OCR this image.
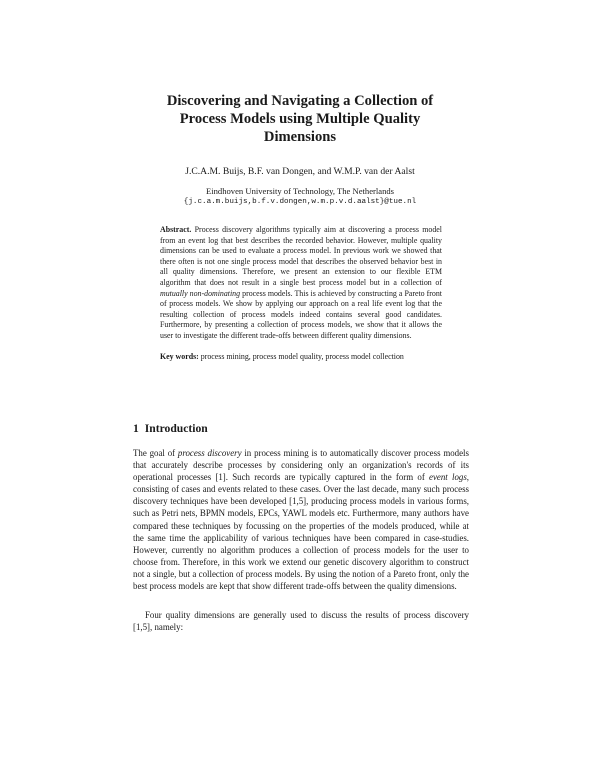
Discovering and Navigating a Collection of
Process Models using Multiple Quality
Dimensions
J.C.A.M. Buijs, B.F. van Dongen, and W.M.P. van der Aalst
Eindhoven University of Technology, The Netherlands
{j.c.a.m.buijs,b.f.v.dongen,w.m.p.v.d.aalst}@tue.nl
Abstract. Process discovery algorithms typically aim at discovering a process model from an event log that best describes the recorded behavior. However, multiple quality dimensions can be used to evaluate a process model. In previous work we showed that there often is not one single process model that describes the observed behavior best in all quality dimensions. Therefore, we present an extension to our flexible ETM algorithm that does not result in a single best process model but in a collection of mutually non-dominating process models. This is achieved by constructing a Pareto front of process models. We show by applying our approach on a real life event log that the resulting collection of process models indeed contains several good candidates. Furthermore, by presenting a collection of process models, we show that it allows the user to investigate the different trade-offs between different quality dimensions.
Key words: process mining, process model quality, process model collection
1 Introduction
The goal of process discovery in process mining is to automatically discover process models that accurately describe processes by considering only an organization's records of its operational processes [1]. Such records are typically captured in the form of event logs, consisting of cases and events related to these cases. Over the last decade, many such process discovery techniques have been developed [1,5], producing process models in various forms, such as Petri nets, BPMN models, EPCs, YAWL models etc. Furthermore, many authors have compared these techniques by focussing on the properties of the models produced, while at the same time the applicability of various techniques have been compared in case-studies. However, currently no algorithm produces a collection of process models for the user to choose from. Therefore, in this work we extend our genetic discovery algorithm to construct not a single, but a collection of process models. By using the notion of a Pareto front, only the best process models are kept that show different trade-offs between the quality dimensions.
Four quality dimensions are generally used to discuss the results of process discovery [1,5], namely:
